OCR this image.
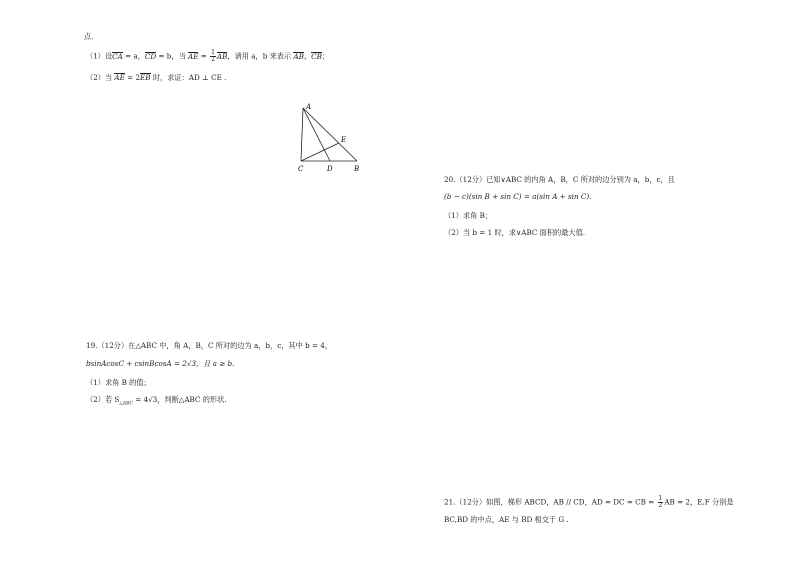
点.
（1）设CA = a，CD = b，当 AE = $\frac{1}{2}$ AB，请用 a，b 来表示 AB，CB；
（2）当 AE = 2EB 时，求证：AD ⊥ CE .
A
E
C	D	B
19.（12分）在△ABC 中，角 A，B，C 所对的边为 a，b，c，其中 b = 4，
bsinAcosC + csinBcosA = 2√3，且 a ≥ b．
（1）求角 B 的值；
（2）若 $S_{\triangle ABC} = 4√3$，判断△ABC 的形状.
20.（12分）已知∨ABC 的内角 A，B，C 所对的边分别为 a，b，c，且
(b − c)(sin B + sin C) = a(sin A + sin C)．
（1）求角 B；
（2）当 b = 1 时，求∨ABC 面积的最大值.
21.（12分）如图，梯形 ABCD，AB // CD，AD = DC = CB = $\frac{1}{2}$ AB = 2，E,F 分别是
BC,BD 的中点，AE 与 BD 相交于 G .
